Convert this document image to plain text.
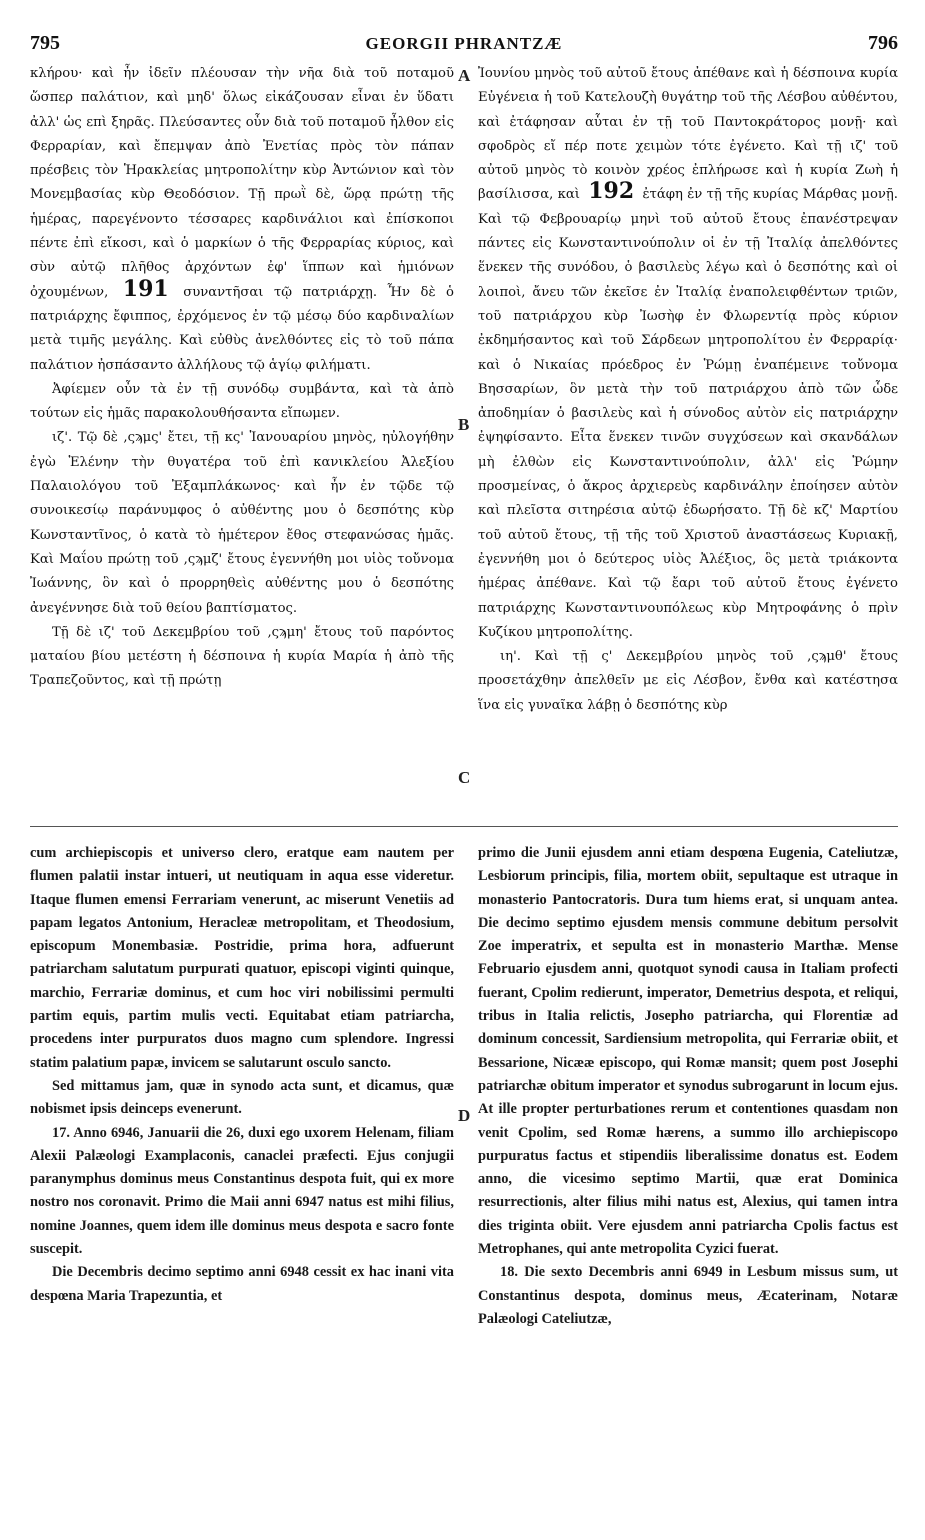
795	GEORGII PHRANTZÆ	796

κλήρου· καὶ ἦν ἰδεῖν πλέουσαν τὴν νῆα διὰ τοῦ ποταμοῦ ὥσπερ παλάτιον, καὶ μηδ' ὅλως εἰκάζουσαν εἶναι ἐν ὕδατι ἀλλ' ὡς επὶ ξηρᾶς. Πλεύσαντες οὖν διὰ τοῦ ποταμοῦ ἦλθον εἰς Φερραρίαν, καὶ ἔπεμψαν ἀπὸ Ἐνετίας πρὸς τὸν πάπαν πρέσβεις τὸν Ἡρακλείας μητροπολίτην κὺρ Ἀντώνιον καὶ τὸν Μονεμβασίας κὺρ Θεοδόσιον. Τῇ πρωῒ δὲ, ὥρᾳ πρώτῃ τῆς ἡμέρας, παρεγένοντο τέσσαρες καρδινάλιοι καὶ ἐπίσκοποι πέντε ἐπὶ εἴκοσι, καὶ ὁ μαρκίων ὁ τῆς Φερραρίας κύριος, καὶ σὺν αὐτῷ πλῆθος ἀρχόντων ἐφ' ἵππων καὶ ἡμιόνων ὀχουμένων, 191 συναντῆσαι τῷ πατριάρχῃ. Ἦν δὲ ὁ πατριάρχης ἔφιππος, ἐρχόμενος ἐν τῷ μέσῳ δύο καρδιναλίων μετὰ τιμῆς μεγάλης. Καὶ εὐθὺς ἀνελθόντες εἰς τὸ τοῦ πάπα παλάτιον ἠσπάσαντο ἀλλήλους τῷ ἁγίῳ φιλήματι.

Ἀφίεμεν οὖν τὰ ἐν τῇ συνόδῳ συμβάντα, καὶ τὰ ἀπὸ τούτων εἰς ἡμᾶς παρακολουθήσαντα εἴπωμεν.

ιζ'. Τῷ δὲ ,ςϡμς' ἔτει, τῇ κς' Ἰανουαρίου μηνὸς, ηὐλογήθην ἐγὼ Ἑλένην τὴν θυγατέρα τοῦ ἐπὶ κανικλείου Ἀλεξίου Παλαιολόγου τοῦ Ἐξαμπλάκωνος· καὶ ἦν ἐν τῷδε τῷ συνοικεσίῳ παράνυμφος ὁ αὐθέντης μου ὁ δεσπότης κὺρ Κωνσταντῖνος, ὁ κατὰ τὸ ἡμέτερον ἔθος στεφανώσας ἡμᾶς. Καὶ Μαΐου πρώτῃ τοῦ ,ςϡμζ' ἔτους ἐγεννήθη μοι υἱὸς τοὔνομα Ἰωάννης, ὃν καὶ ὁ προρρηθεὶς αὐθέντης μου ὁ δεσπότης ἀνεγέννησε διὰ τοῦ θείου βαπτίσματος.

Τῇ δὲ ιζ' τοῦ Δεκεμβρίου τοῦ ,ςϡμη' ἔτους τοῦ παρόντος ματαίου βίου μετέστη ἡ δέσποινα ἡ κυρία Μαρία ἡ ἀπὸ τῆς Τραπεζοῦντος, καὶ τῇ πρώτῃ

A
B
C
D

Ἰουνίου μηνὸς τοῦ αὐτοῦ ἔτους ἀπέθανε καὶ ἡ δέσποινα κυρία Εὐγένεια ἡ τοῦ Κατελουζὴ θυγάτηρ τοῦ τῆς Λέσβου αὐθέντου, καὶ ἐτάφησαν αὗται ἐν τῇ τοῦ Παντοκράτορος μονῇ· καὶ σφοδρὸς εἴ πέρ ποτε χειμὼν τότε ἐγένετο. Καὶ τῇ ιζ' τοῦ αὐτοῦ μηνὸς τὸ κοινὸν χρέος ἐπλήρωσε καὶ ἡ κυρία Ζωὴ ἡ βασίλισσα, καὶ 192 ἐτάφη ἐν τῇ τῆς κυρίας Μάρθας μονῇ. Καὶ τῷ Φεβρουαρίῳ μηνὶ τοῦ αὐτοῦ ἔτους ἐπανέστρεψαν πάντες εἰς Κωνσταντινούπολιν οἱ ἐν τῇ Ἰταλίᾳ ἀπελθόντες ἕνεκεν τῆς συνόδου, ὁ βασιλεὺς λέγω καὶ ὁ δεσπότης καὶ οἱ λοιποὶ, ἄνευ τῶν ἐκεῖσε ἐν Ἰταλίᾳ ἐναπολειφθέντων τριῶν, τοῦ πατριάρχου κὺρ Ἰωσὴφ ἐν Φλωρεντίᾳ πρὸς κύριον ἐκδημήσαντος καὶ τοῦ Σάρδεων μητροπολίτου ἐν Φερραρίᾳ· καὶ ὁ Νικαίας πρόεδρος ἐν Ῥώμῃ ἐναπέμεινε τοὔνομα Βησσαρίων, ὃν μετὰ τὴν τοῦ πατριάρχου ἀπὸ τῶν ὧδε ἀποδημίαν ὁ βασιλεὺς καὶ ἡ σύνοδος αὐτὸν εἰς πατριάρχην ἐψηφίσαντο. Εἶτα ἕνεκεν τινῶν συγχύσεων καὶ σκανδάλων μὴ ἐλθὼν εἰς Κωνσταντινούπολιν, ἀλλ' εἰς Ῥώμην προσμείνας, ὁ ἄκρος ἀρχιερεὺς καρδινάλην ἐποίησεν αὐτὸν καὶ πλεῖστα σιτηρέσια αὐτῷ ἐδωρήσατο. Τῇ δὲ κζ' Μαρτίου τοῦ αὐτοῦ ἔτους, τῇ τῆς τοῦ Χριστοῦ ἀναστάσεως Κυριακῇ, ἐγεννήθη μοι ὁ δεύτερος υἱὸς Ἀλέξιος, ὃς μετὰ τριάκοντα ἡμέρας ἀπέθανε. Καὶ τῷ ἔαρι τοῦ αὐτοῦ ἔτους ἐγένετο πατριάρχης Κωνσταντινουπόλεως κὺρ Μητροφάνης ὁ πρὶν Κυζίκου μητροπολίτης.

ιη'. Καὶ τῇ ς' Δεκεμβρίου μηνὸς τοῦ ,ςϡμθ' ἔτους προσετάχθην ἀπελθεῖν με εἰς Λέσβον, ἔνθα καὶ κατέστησα ἵνα εἰς γυναῖκα λάβῃ ὁ δεσπότης κὺρ

cum archiepiscopis et universo clero, eratque eam nautem per flumen palatii instar intueri, ut neutiquam in aqua esse videretur. Itaque flumen emensi Ferrariam venerunt, ac miserunt Venetiis ad papam legatos Antonium, Heracleæ metropolitam, et Theodosium, episcopum Monembasiæ. Postridie, prima hora, adfuerunt patriarcham salutatum purpurati quatuor, episcopi viginti quinque, marchio, Ferrariæ dominus, et cum hoc viri nobilissimi permulti partim equis, partim mulis vecti. Equitabat etiam patriarcha, procedens inter purpuratos duos magno cum splendore. Ingressi statim palatium papæ, invicem se salutarunt osculo sancto.

Sed mittamus jam, quæ in synodo acta sunt, et dicamus, quæ nobismet ipsis deinceps evenerunt.

17. Anno 6946, Januarii die 26, duxi ego uxorem Helenam, filiam Alexii Palæologi Examplaconis, canaclei præfecti. Ejus conjugii paranymphus dominus meus Constantinus despota fuit, qui ex more nostro nos coronavit. Primo die Maii anni 6947 natus est mihi filius, nomine Joannes, quem idem ille dominus meus despota e sacro fonte suscepit.

Die Decembris decimo septimo anni 6948 cessit ex hac inani vita despœna Maria Trapezuntia, et

primo die Junii ejusdem anni etiam despœna Eugenia, Cateliutzæ, Lesbiorum principis, filia, mortem obiit, sepultaque est utraque in monasterio Pantocratoris. Dura tum hiems erat, si unquam antea. Die decimo septimo ejusdem mensis commune debitum persolvit Zoe imperatrix, et sepulta est in monasterio Marthæ. Mense Februario ejusdem anni, quotquot synodi causa in Italiam profecti fuerant, Cpolim redierunt, imperator, Demetrius despota, et reliqui, tribus in Italia relictis, Josepho patriarcha, qui Florentiæ ad dominum concessit, Sardiensium metropolita, qui Ferrariæ obiit, et Bessarione, Nicææ episcopo, qui Romæ mansit; quem post Josephi patriarchæ obitum imperator et synodus subrogarunt in locum ejus. At ille propter perturbationes rerum et contentiones quasdam non venit Cpolim, sed Romæ hærens, a summo illo archiepiscopo purpuratus factus et stipendiis liberalissime donatus est. Eodem anno, die vicesimo septimo Martii, quæ erat Dominica resurrectionis, alter filius mihi natus est, Alexius, qui tamen intra dies triginta obiit. Vere ejusdem anni patriarcha Cpolis factus est Metrophanes, qui ante metropolita Cyzici fuerat.

18. Die sexto Decembris anni 6949 in Lesbum missus sum, ut Constantinus despota, dominus meus, Æcaterinam, Notaræ Palæologi Cateliutzæ,
